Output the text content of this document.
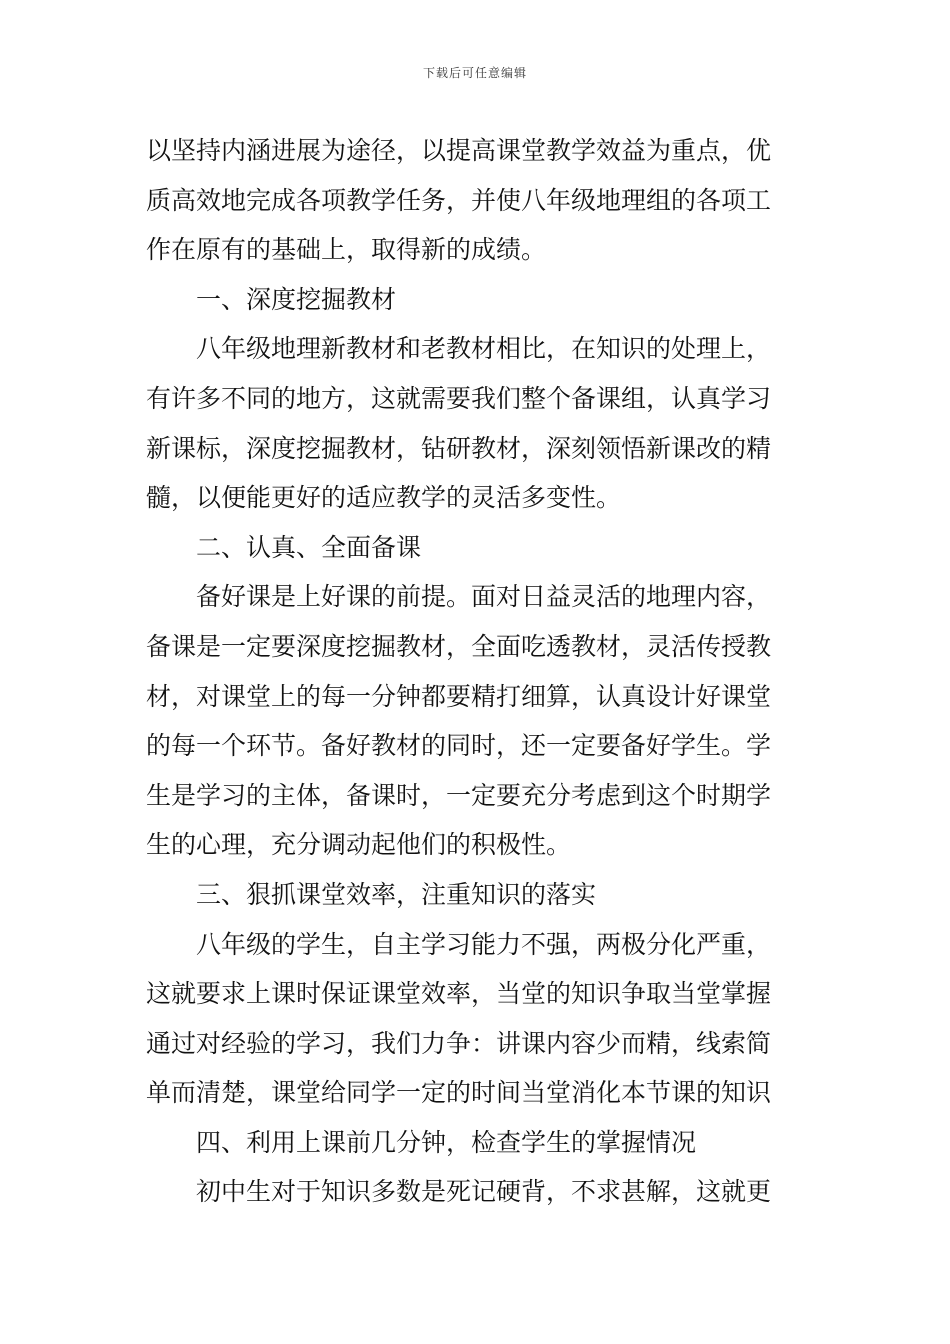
下载后可任意编辑
以坚持内涵进展为途径，以提高课堂教学效益为重点，优
质高效地完成各项教学任务，并使八年级地理组的各项工
作在原有的基础上，取得新的成绩。
一、深度挖掘教材
八年级地理新教材和老教材相比，在知识的处理上，
有许多不同的地方，这就需要我们整个备课组，认真学习
新课标，深度挖掘教材，钻研教材，深刻领悟新课改的精
髓，以便能更好的适应教学的灵活多变性。
二、认真、全面备课
备好课是上好课的前提。面对日益灵活的地理内容，
备课是一定要深度挖掘教材，全面吃透教材，灵活传授教
材，对课堂上的每一分钟都要精打细算，认真设计好课堂
的每一个环节。备好教材的同时，还一定要备好学生。学
生是学习的主体，备课时，一定要充分考虑到这个时期学
生的心理，充分调动起他们的积极性。
三、狠抓课堂效率，注重知识的落实
八年级的学生，自主学习能力不强，两极分化严重，
这就要求上课时保证课堂效率，当堂的知识争取当堂掌握
通过对经验的学习，我们力争：讲课内容少而精，线索简
单而清楚，课堂给同学一定的时间当堂消化本节课的知识
四、利用上课前几分钟，检查学生的掌握情况
初中生对于知识多数是死记硬背，不求甚解，这就更
